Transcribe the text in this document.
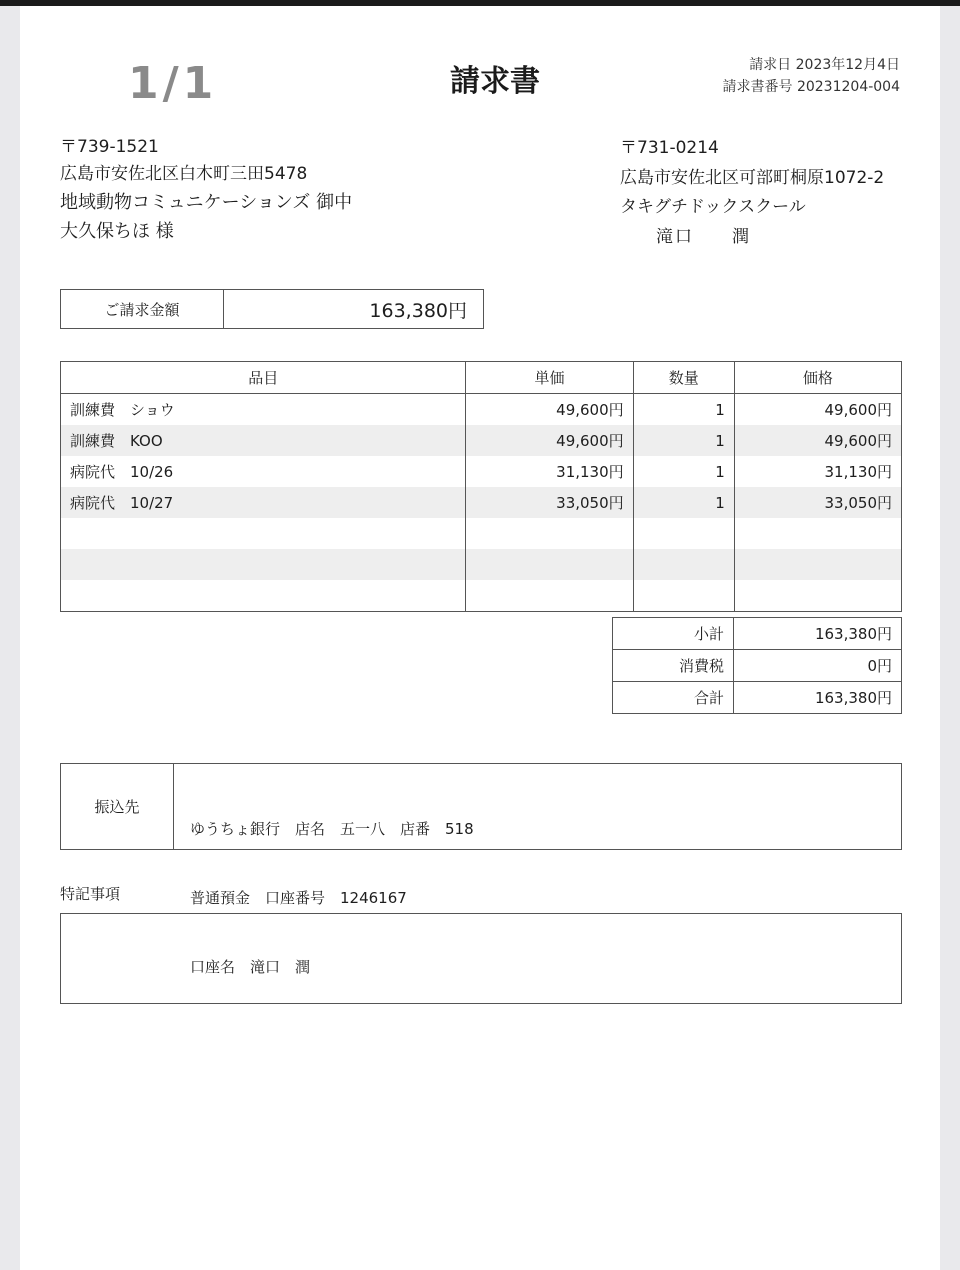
1/1	請求書	請求日 2023年12月4日
請求書番号 20231204-004
〒739-1521
広島市安佐北区白木町三田5478
地域動物コミュニケーションズ 御中
大久保ちほ 様
〒731-0214
広島市安佐北区可部町桐原1072-2
タキグチドックスクール
滝口　　潤
ご請求金額	163,380円
品目	単価	数量	価格
訓練費　ショウ	49,600円	1	49,600円
訓練費　KOO	49,600円	1	49,600円
病院代　10/26	31,130円	1	31,130円
病院代　10/27	33,050円	1	33,050円

小計	163,380円
消費税	0円
合計	163,380円
振込先

ゆうちょ銀行　店名　五一八　店番　518

普通預金　口座番号　1246167

口座名　滝口　潤

特記事項
